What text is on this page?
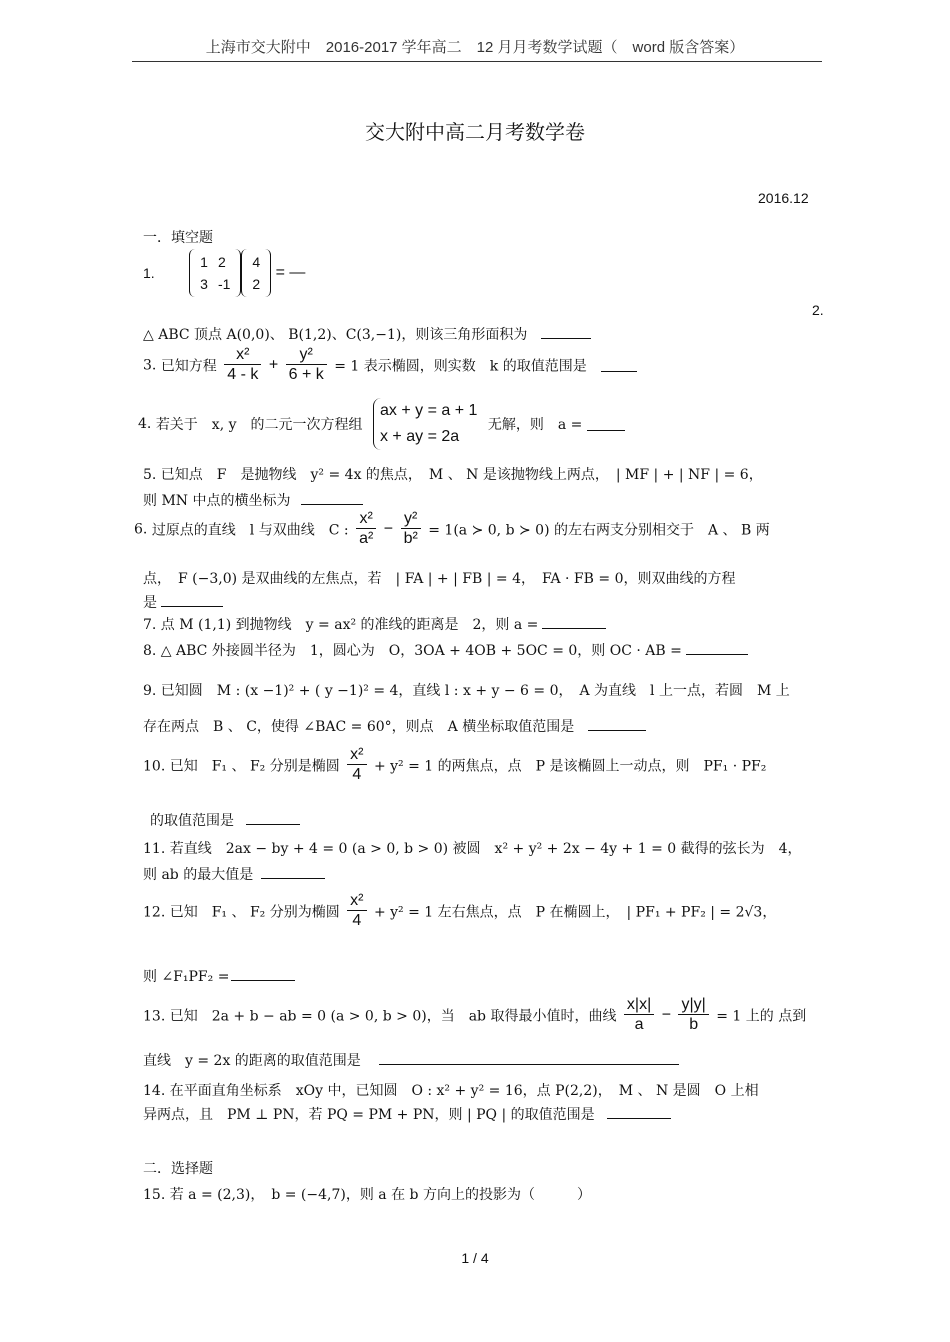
上海市交大附中　2016-2017 学年高二　12 月月考数学试题（　word 版含答案）
交大附中高二月考数学卷
2016.12
一．填空题
1.
1	2
3	-1
4
2
= —
2.
△ ABC 顶点 A(0,0)、 B(1,2)、C(3,−1)，则该三角形面积为
3. 已知方程 $\frac{\text{x²}}{4 - k} + \frac{\text{y²}}{6 + k} = 1$ 表示椭圆，则实数　k 的取值范围是
4. 若关于　x, y　的二元一次方程组
ax + y = a + 1
x + ay = 2a
无解，则　a =
5. 已知点　F　是抛物线　y² = 4x 的焦点，　M 、 N 是该抛物线上两点，　| MF | + | NF | = 6，
则 MN 中点的横坐标为
6. 过原点的直线　l 与双曲线　C : $\frac{\text{x²}}{\text{a²}} - \frac{\text{y²}}{\text{b²}} = 1(a$ ≻ 0, b ≻ 0) 的左右两支分别相交于　A 、 B 两
点，　F (−3,0) 是双曲线的左焦点，若　| FA | + | FB | = 4，　FA · FB = 0，则双曲线的方程
是
7. 点 M (1,1) 到抛物线　y = ax² 的准线的距离是　2，则 a =
8. △ ABC 外接圆半径为　1，圆心为　O，3OA + 4OB + 5OC = 0，则 OC · AB =
9. 已知圆　M : (x −1)² + ( y −1)² = 4，直线 l : x + y − 6 = 0，　A 为直线　l 上一点，若圆　M 上
存在两点　B 、 C，使得 ∠BAC = 60°，则点　A 横坐标取值范围是
10. 已知　F₁ 、 F₂ 分别是椭圆 $\frac{\text{x²}}{4} + y^2 = 1$ 的两焦点，点　P 是该椭圆上一动点，则　PF₁ · PF₂
的取值范围是
11. 若直线　2ax − by + 4 = 0 (a > 0, b > 0) 被圆　x² + y² + 2x − 4y + 1 = 0 截得的弦长为　4，
则 ab 的最大值是
12. 已知　F₁ 、 F₂ 分别为椭圆 $\frac{\text{x²}}{4} + y^2 = 1$ 左右焦点，点　P 在椭圆上，　| PF₁ + PF₂ | = 2√3，
则 ∠F₁PF₂ =
13. 已知　2a + b − ab = 0 (a > 0, b > 0)，当　ab 取得最小值时，曲线 $\frac{x|x|}{a} - \frac{y|y|}{b} = 1$ 上的 点到
直线　y = 2x 的距离的取值范围是
14. 在平面直角坐标系　xOy 中，已知圆　O : x² + y² = 16，点 P(2,2)，　M 、 N 是圆　O 上相
异两点，且　PM ⊥ PN，若 PQ = PM + PN，则 | PQ | 的取值范围是
二．选择题
15. 若 a = (2,3)，　b = (−4,7)，则 a 在 b 方向上的投影为（　　　）
1 / 4
